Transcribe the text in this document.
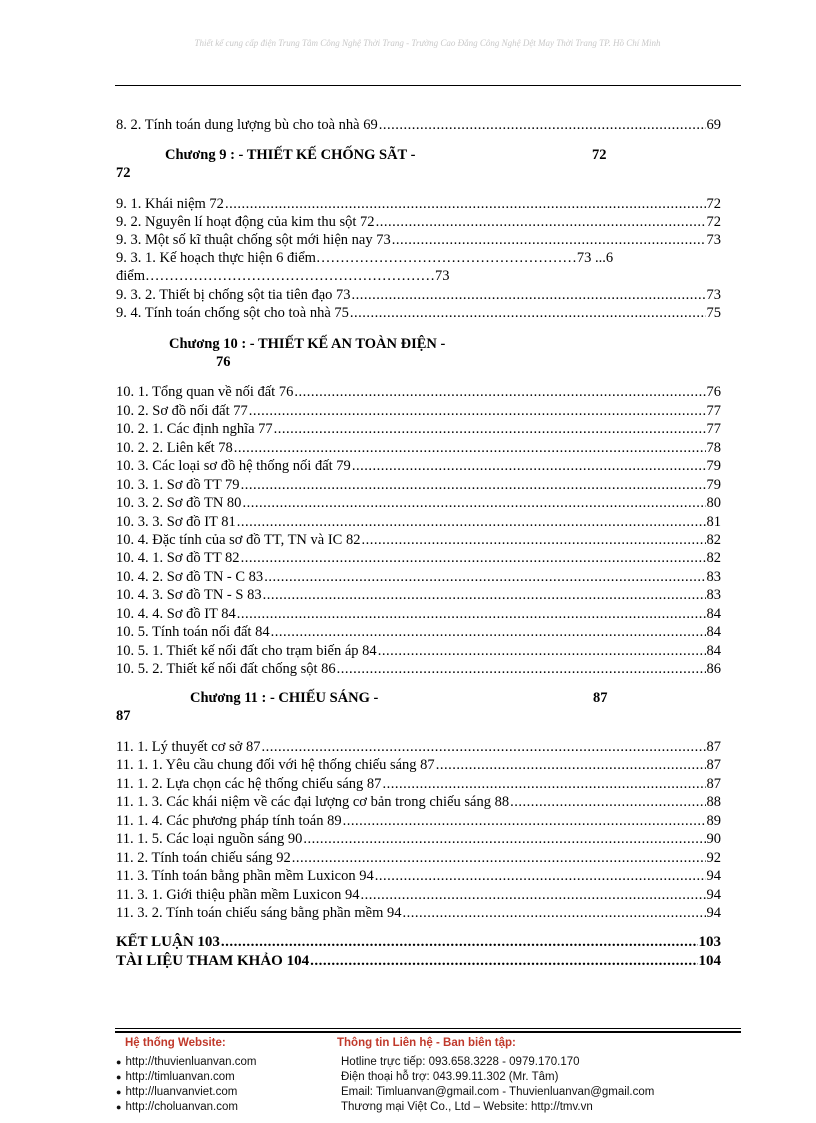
Thiết kế cung cấp điện Trung Tâm Công Nghệ Thời Trang - Trường Cao Đẳng Công Nghệ Dệt May Thời Trang TP. Hồ Chí Minh
8. 2. Tính toán dung lượng bù cho toà nhà 69 .....	69
Chương 9 : - THIẾT KẾ CHỐNG SÃT -	72
72
9. 1. Khái niệm 72 .....	72
9. 2. Nguyên lí hoạt động của kim thu sột 72 .....	72
9. 3. Một số kĩ thuật chống sột mới hiện nay 73 .....	73
9. 3. 1. Kế hoạch thực hiện 6 điểm………………………………………………73 ...6
điểm……………………………………………………73
9. 3. 2. Thiết bị chống sột tia tiên đạo 73 .....	73
9. 4. Tính toán chống sột cho toà nhà 75 .....	75
Chương 10 : - THIẾT KẾ AN TOÀN ĐIỆN -
76
10. 1. Tổng quan về nối đất 76 .....	76
10. 2. Sơ đồ nối đất 77 .....	77
10. 2. 1. Các định nghĩa 77 .....	77
10. 2. 2. Liên kết 78 .....	78
10. 3. Các loại sơ đồ hệ thống nối đất 79 .....	79
10. 3. 1. Sơ đồ TT 79 .....	79
10. 3. 2. Sơ đồ TN 80 .....	80
10. 3. 3. Sơ đồ IT 81 .....	81
10. 4. Đặc tính của sơ đồ TT, TN và IC 82 .....	82
10. 4. 1. Sơ đồ TT 82 .....	82
10. 4. 2. Sơ đồ TN - C 83 .....	83
10. 4. 3. Sơ đồ TN - S 83 .....	83
10. 4. 4. Sơ đồ IT 84 .....	84
10. 5. Tính toán nối đất 84 .....	84
10. 5. 1. Thiết kế nối đất cho trạm biến áp 84 .....	84
10. 5. 2. Thiết kế nối đất chống sột 86 .....	86
Chương 11 : - CHIẾU SÁNG -	87
87
11. 1. Lý thuyết cơ sở 87 .....	87
11. 1. 1. Yêu cầu chung đối với hệ thống chiếu sáng 87 .....	87
11. 1. 2. Lựa chọn các hệ thống chiếu sáng 87 .....	87
11. 1. 3. Các khái niệm về các đại lượng cơ bản trong chiếu sáng 88 .....	88
11. 1. 4. Các phương pháp tính toán 89 .....	89
11. 1. 5. Các loại nguồn sáng 90 .....	90
11. 2. Tính toán chiếu sáng 92 .....	92
11. 3. Tính toán bằng phần mềm Luxicon 94 .....	94
11. 3. 1. Giới thiệu phần mềm Luxicon 94 .....	94
11. 3. 2. Tính toán chiếu sáng bằng phần mềm 94 .....	94
KẾT LUẬN 103 .....	103
TÀI LIỆU THAM KHẢO 104 .....	104
Hệ thống Website:	Thông tin Liên hệ - Ban biên tập:
● http://thuvienluanvan.com
● http://timluanvan.com
● http://luanvanviet.com
● http://choluanvan.com
Hotline trực tiếp: 093.658.3228 - 0979.170.170
Điện thoại hỗ trợ: 043.99.11.302 (Mr. Tâm)
Email: Timluanvan@gmail.com - Thuvienluanvan@gmail.com
Thương mại Việt Co., Ltd – Website: http://tmv.vn
